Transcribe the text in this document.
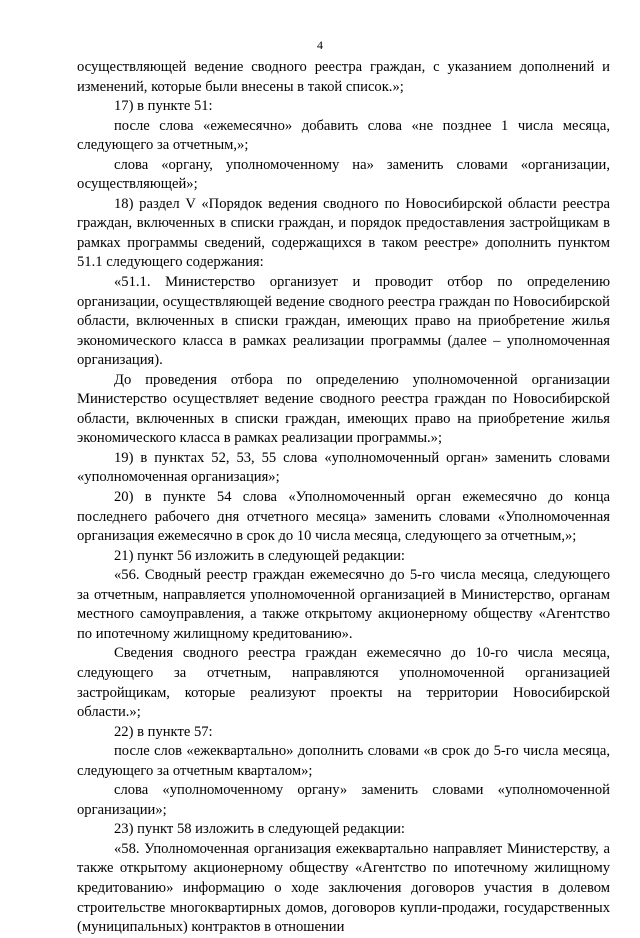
4

осуществляющей ведение сводного реестра граждан, с указанием дополнений и изменений, которые были внесены в такой список.»;

17) в пункте 51:

после слова «ежемесячно» добавить слова «не позднее 1 числа месяца, следующего за отчетным,»;

слова «органу, уполномоченному на» заменить словами «организации, осуществляющей»;

18) раздел V «Порядок ведения сводного по Новосибирской области реестра граждан, включенных в списки граждан, и порядок предоставления застройщикам в рамках программы сведений, содержащихся в таком реестре» дополнить пунктом 51.1 следующего содержания:

«51.1. Министерство организует и проводит отбор по определению организации, осуществляющей ведение сводного реестра граждан по Новосибирской области, включенных в списки граждан, имеющих право на приобретение жилья экономического класса в рамках реализации программы (далее – уполномоченная организация).

До проведения отбора по определению уполномоченной организации Министерство осуществляет ведение сводного реестра граждан по Новосибирской области, включенных в списки граждан, имеющих право на приобретение жилья экономического класса в рамках реализации программы.»;

19) в пунктах 52, 53, 55 слова «уполномоченный орган» заменить словами «уполномоченная организация»;

20) в пункте 54 слова «Уполномоченный орган ежемесячно до конца последнего рабочего дня отчетного месяца» заменить словами «Уполномоченная организация ежемесячно в срок до 10 числа месяца, следующего за отчетным,»;

21) пункт 56 изложить в следующей редакции:

«56. Сводный реестр граждан ежемесячно до 5-го числа месяца, следующего за отчетным, направляется уполномоченной организацией в Министерство, органам местного самоуправления, а также открытому акционерному обществу «Агентство по ипотечному жилищному кредитованию».

Сведения сводного реестра граждан ежемесячно до 10-го числа месяца, следующего за отчетным, направляются уполномоченной организацией застройщикам, которые реализуют проекты на территории Новосибирской области.»;

22) в пункте 57:

после слов «ежеквартально» дополнить словами «в срок до 5-го числа месяца, следующего за отчетным кварталом»;

слова «уполномоченному органу» заменить словами «уполномоченной организации»;

23) пункт 58 изложить в следующей редакции:

«58. Уполномоченная организация ежеквартально направляет Министерству, а также открытому акционерному обществу «Агентство по ипотечному жилищному кредитованию» информацию о ходе заключения договоров участия в долевом строительстве многоквартирных домов, договоров купли-продажи, государственных (муниципальных) контрактов в отношении
